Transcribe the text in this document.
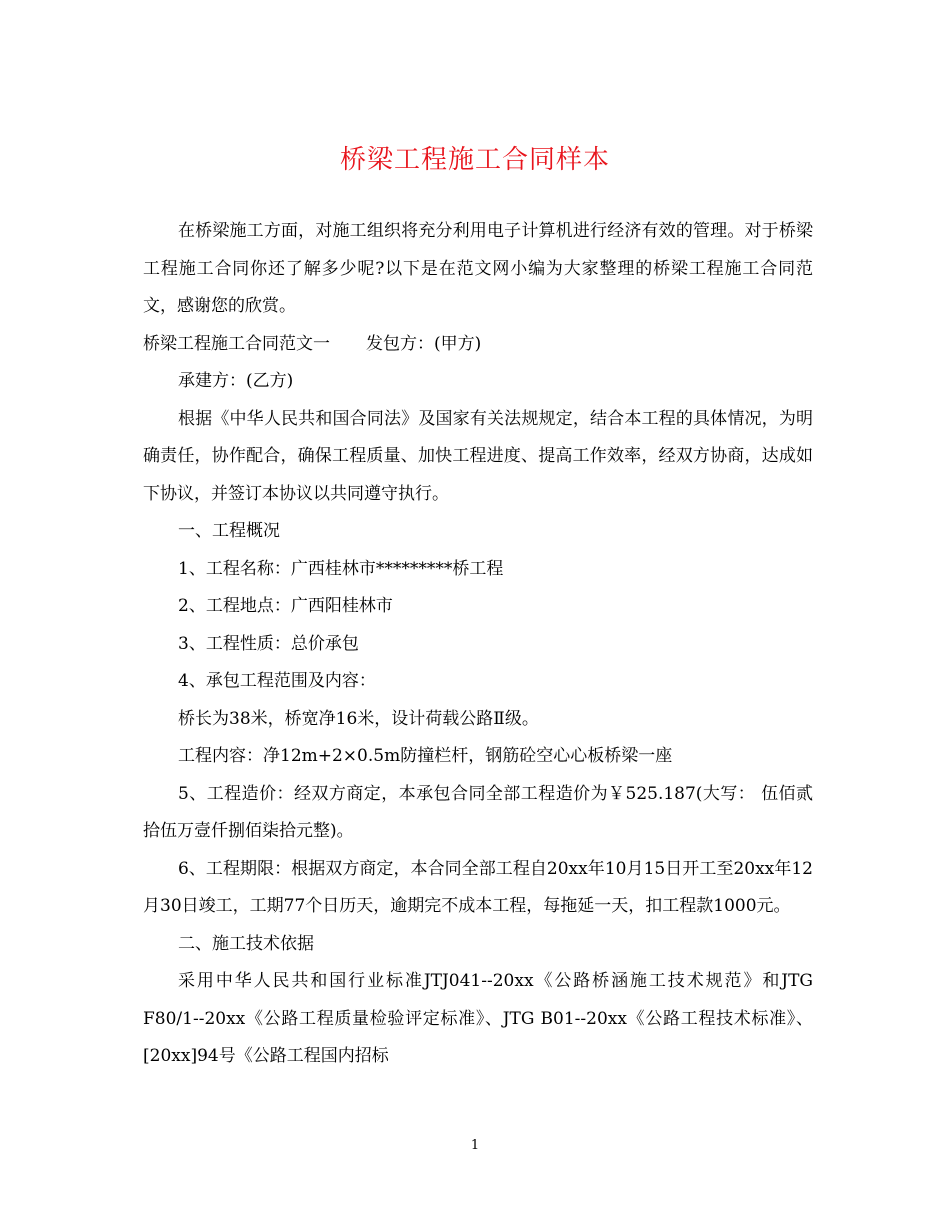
桥梁工程施工合同样本

在桥梁施工方面，对施工组织将充分利用电子计算机进行经济有效的管理。对于桥梁工程施工合同你还了解多少呢?以下是在范文网小编为大家整理的桥梁工程施工合同范文，感谢您的欣赏。

桥梁工程施工合同范文一 发包方：(甲方)

承建方：(乙方)

根据《中华人民共和国合同法》及国家有关法规规定，结合本工程的具体情况，为明确责任，协作配合，确保工程质量、加快工程进度、提高工作效率，经双方协商，达成如下协议，并签订本协议以共同遵守执行。

一、工程概况

1、工程名称：广西桂林市*********桥工程

2、工程地点：广西阳桂林市

3、工程性质：总价承包

4、承包工程范围及内容：

桥长为38米，桥宽净16米，设计荷载公路Ⅱ级。

工程内容：净12m+2×0.5m防撞栏杆，钢筋砼空心心板桥梁一座

5、工程造价：经双方商定，本承包合同全部工程造价为￥525.187(大写： 伍佰贰拾伍万壹仟捌佰柒拾元整)。

6、工程期限：根据双方商定，本合同全部工程自20xx年10月15日开工至20xx年12月30日竣工，工期77个日历天，逾期完不成本工程，每拖延一天，扣工程款1000元。

二、施工技术依据

采用中华人民共和国行业标准JTJ041--20xx《公路桥涵施工技术规范》和JTG F80/1--20xx《公路工程质量检验评定标准》、JTG B01--20xx《公路工程技术标准》、[20xx]94号《公路工程国内招标

1
